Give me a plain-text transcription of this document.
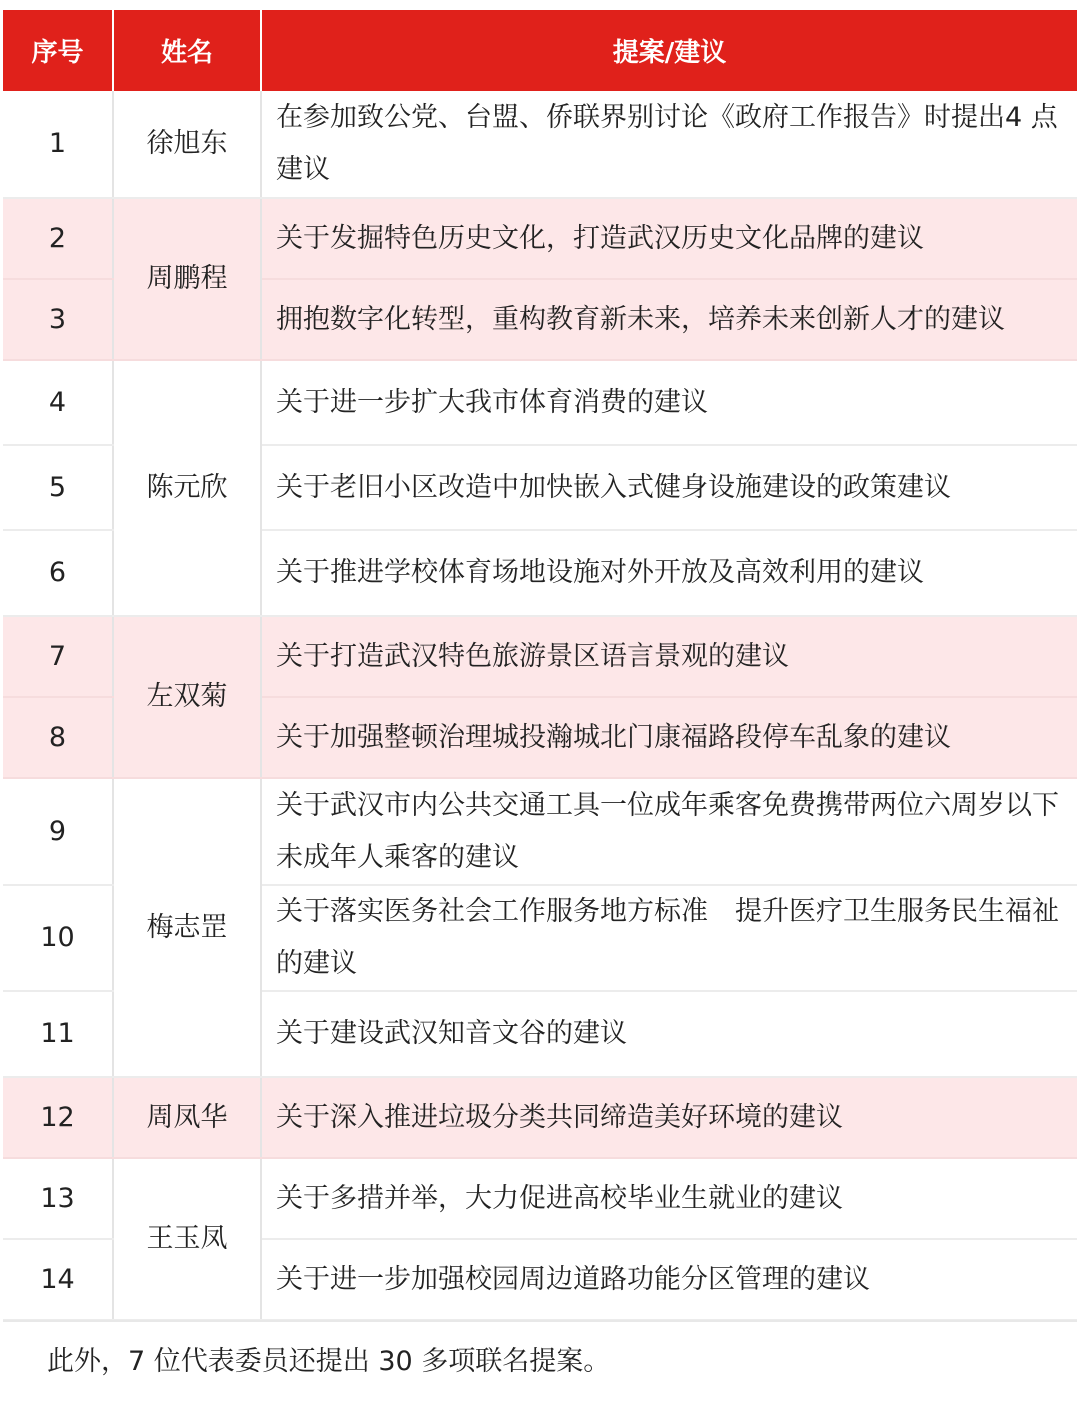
序号	姓名	提案/建议
1	徐旭东	在参加致公党、台盟、侨联界别讨论《政府工作报告》时提出4 点建议
2	周鹏程	关于发掘特色历史文化，打造武汉历史文化品牌的建议
3		拥抱数字化转型，重构教育新未来，培养未来创新人才的建议
4	陈元欣	关于进一步扩大我市体育消费的建议
5		关于老旧小区改造中加快嵌入式健身设施建设的政策建议
6		关于推进学校体育场地设施对外开放及高效利用的建议
7	左双菊	关于打造武汉特色旅游景区语言景观的建议
8		关于加强整顿治理城投瀚城北门康福路段停车乱象的建议
9	梅志罡	关于武汉市内公共交通工具一位成年乘客免费携带两位六周岁以下未成年人乘客的建议
10		关于落实医务社会工作服务地方标准　提升医疗卫生服务民生福祉的建议
11		关于建设武汉知音文谷的建议
12	周凤华	关于深入推进垃圾分类共同缔造美好环境的建议
13	王玉凤	关于多措并举，大力促进高校毕业生就业的建议
14		关于进一步加强校园周边道路功能分区管理的建议
此外，7 位代表委员还提出 30 多项联名提案。
